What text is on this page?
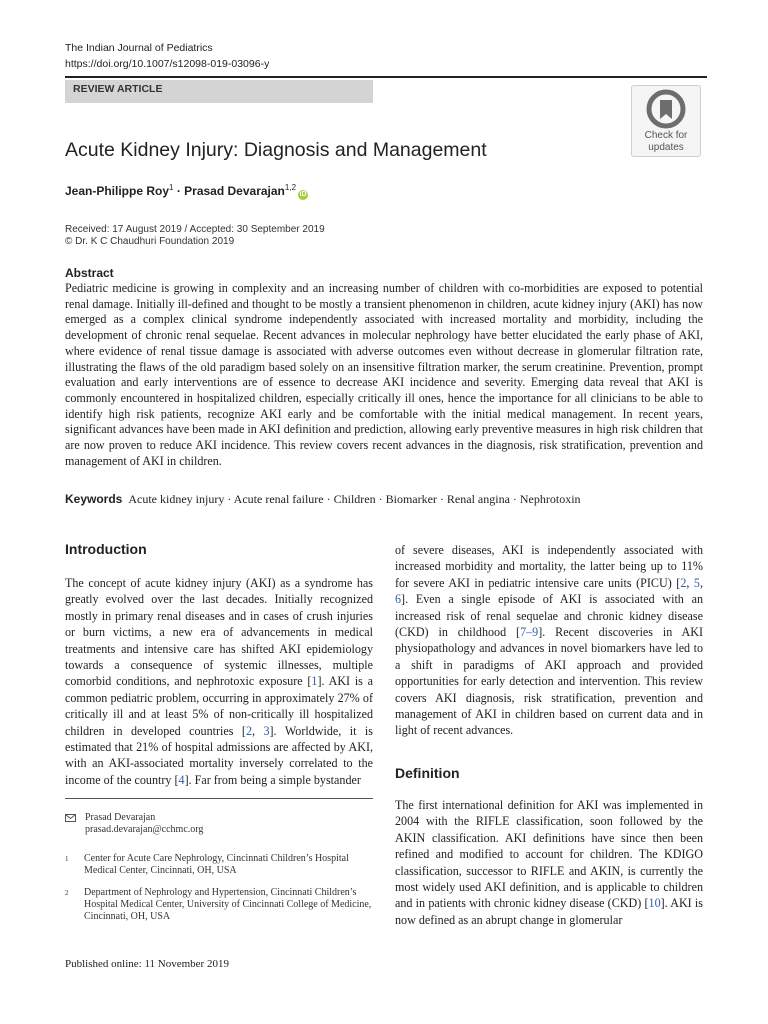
The Indian Journal of Pediatrics
https://doi.org/10.1007/s12098-019-03096-y
REVIEW ARTICLE
Check for
updates
Acute Kidney Injury: Diagnosis and Management
Jean-Philippe Roy$^1$ · Prasad Devarajan$^{1,2}$iD
Received: 17 August 2019 / Accepted: 30 September 2019
© Dr. K C Chaudhuri Foundation 2019
Abstract
Pediatric medicine is growing in complexity and an increasing number of children with co-morbidities are exposed to potential renal damage. Initially ill-defined and thought to be mostly a transient phenomenon in children, acute kidney injury (AKI) has now emerged as a complex clinical syndrome independently associated with increased mortality and morbidity, including the development of chronic renal sequelae. Recent advances in molecular nephrology have better elucidated the early phase of AKI, where evidence of renal tissue damage is associated with adverse outcomes even without decrease in glomerular filtration rate, illustrating the flaws of the old paradigm based solely on an insensitive filtration marker, the serum creatinine. Prevention, prompt evaluation and early interventions are of essence to decrease AKI incidence and severity. Emerging data reveal that AKI is commonly encountered in hospitalized children, especially critically ill ones, hence the importance for all clinicians to be able to identify high risk patients, recognize AKI early and be comfortable with the initial medical management. In recent years, significant advances have been made in AKI definition and prediction, allowing early preventive measures in high risk children that are now proven to reduce AKI incidence. This review covers recent advances in the diagnosis, risk stratification, prevention and management of AKI in children.
Keywords Acute kidney injury · Acute renal failure · Children · Biomarker · Renal angina · Nephrotoxin
Introduction
The concept of acute kidney injury (AKI) as a syndrome has greatly evolved over the last decades. Initially recognized mostly in primary renal diseases and in cases of crush injuries or burn victims, a new era of advancements in medical treatments and intensive care has shifted AKI epidemiology towards a consequence of systemic illnesses, multiple comorbid conditions, and nephrotoxic exposure [1]. AKI is a common pediatric problem, occurring in approximately 27% of critically ill and at least 5% of non-critically ill hospitalized children in developed countries [2, 3]. Worldwide, it is estimated that 21% of hospital admissions are affected by AKI, with an AKI-associated mortality inversely correlated to the income of the country [4]. Far from being a simple bystander
Prasad Devarajan
prasad.devarajan@cchmc.org
1	Center for Acute Care Nephrology, Cincinnati Children’s Hospital Medical Center, Cincinnati, OH, USA
2	Department of Nephrology and Hypertension, Cincinnati Children’s Hospital Medical Center, University of Cincinnati College of Medicine, Cincinnati, OH, USA
Published online: 11 November 2019
of severe diseases, AKI is independently associated with increased morbidity and mortality, the latter being up to 11% for severe AKI in pediatric intensive care units (PICU) [2, 5, 6]. Even a single episode of AKI is associated with an increased risk of renal sequelae and chronic kidney disease (CKD) in childhood [7–9]. Recent discoveries in AKI physiopathology and advances in novel biomarkers have led to a shift in paradigms of AKI approach and provided opportunities for early detection and intervention. This review covers AKI diagnosis, risk stratification, prevention and management of AKI in children based on current data and in light of recent advances.
Definition
The first international definition for AKI was implemented in 2004 with the RIFLE classification, soon followed by the AKIN classification. AKI definitions have since then been refined and modified to account for children. The KDIGO classification, successor to RIFLE and AKIN, is currently the most widely used AKI definition, and is applicable to children and in patients with chronic kidney disease (CKD) [10]. AKI is now defined as an abrupt change in glomerular
